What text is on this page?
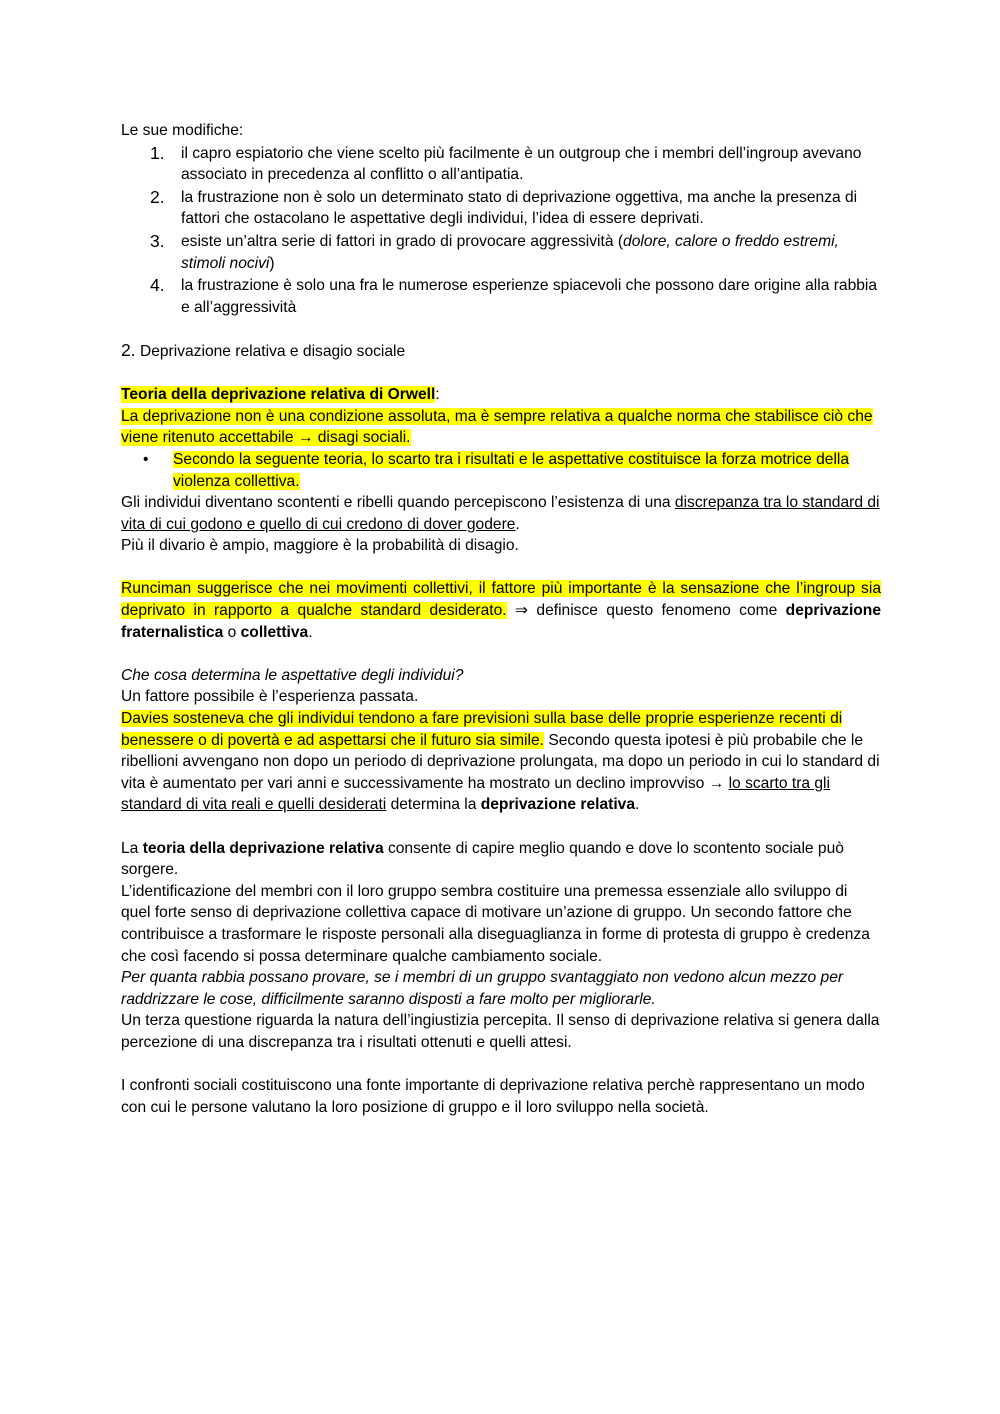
Le sue modifiche:

1. il capro espiatorio che viene scelto più facilmente è un outgroup che i membri dell’ingroup avevano associato in precedenza al conflitto o all’antipatia.
2. la frustrazione non è solo un determinato stato di deprivazione oggettiva, ma anche la presenza di fattori che ostacolano le aspettative degli individui, l’idea di essere deprivati.
3. esiste un’altra serie di fattori in grado di provocare aggressività (dolore, calore o freddo estremi, stimoli nocivi)
4. la frustrazione è solo una fra le numerose esperienze spiacevoli che possono dare origine alla rabbia e all’aggressività

2. Deprivazione relativa e disagio sociale

Teoria della deprivazione relativa di Orwell:

La deprivazione non è una condizione assoluta, ma è sempre relativa a qualche norma che stabilisce ciò che viene ritenuto accettabile → disagi sociali.

• Secondo la seguente teoria, lo scarto tra i risultati e le aspettative costituisce la forza motrice della violenza collettiva.

Gli individui diventano scontenti e ribelli quando percepiscono l’esistenza di una discrepanza tra lo standard di vita di cui godono e quello di cui credono di dover godere.

Più il divario è ampio, maggiore è la probabilità di disagio.

Runciman suggerisce che nei movimenti collettivi, il fattore più importante è la sensazione che l’ingroup sia deprivato in rapporto a qualche standard desiderato. ⇒ definisce questo fenomeno come deprivazione fraternalistica o collettiva.

Che cosa determina le aspettative degli individui?

Un fattore possibile è l’esperienza passata.

Davies sosteneva che gli individui tendono a fare previsioni sulla base delle proprie esperienze recenti di benessere o di povertà e ad aspettarsi che il futuro sia simile. Secondo questa ipotesi è più probabile che le ribellioni avvengano non dopo un periodo di deprivazione prolungata, ma dopo un periodo in cui lo standard di vita è aumentato per vari anni e successivamente ha mostrato un declino improvviso → lo scarto tra gli standard di vita reali e quelli desiderati determina la deprivazione relativa.

La teoria della deprivazione relativa consente di capire meglio quando e dove lo scontento sociale può sorgere.

L’identificazione del membri con il loro gruppo sembra costituire una premessa essenziale allo sviluppo di quel forte senso di deprivazione collettiva capace di motivare un’azione di gruppo. Un secondo fattore che contribuisce a trasformare le risposte personali alla diseguaglianza in forme di protesta di gruppo è credenza che così facendo si possa determinare qualche cambiamento sociale.

Per quanta rabbia possano provare, se i membri di un gruppo svantaggiato non vedono alcun mezzo per raddrizzare le cose, difficilmente saranno disposti a fare molto per migliorarle.

Un terza questione riguarda la natura dell’ingiustizia percepita. Il senso di deprivazione relativa si genera dalla percezione di una discrepanza tra i risultati ottenuti e quelli attesi.

I confronti sociali costituiscono una fonte importante di deprivazione relativa perchè rappresentano un modo con cui le persone valutano la loro posizione di gruppo e il loro sviluppo nella società.
